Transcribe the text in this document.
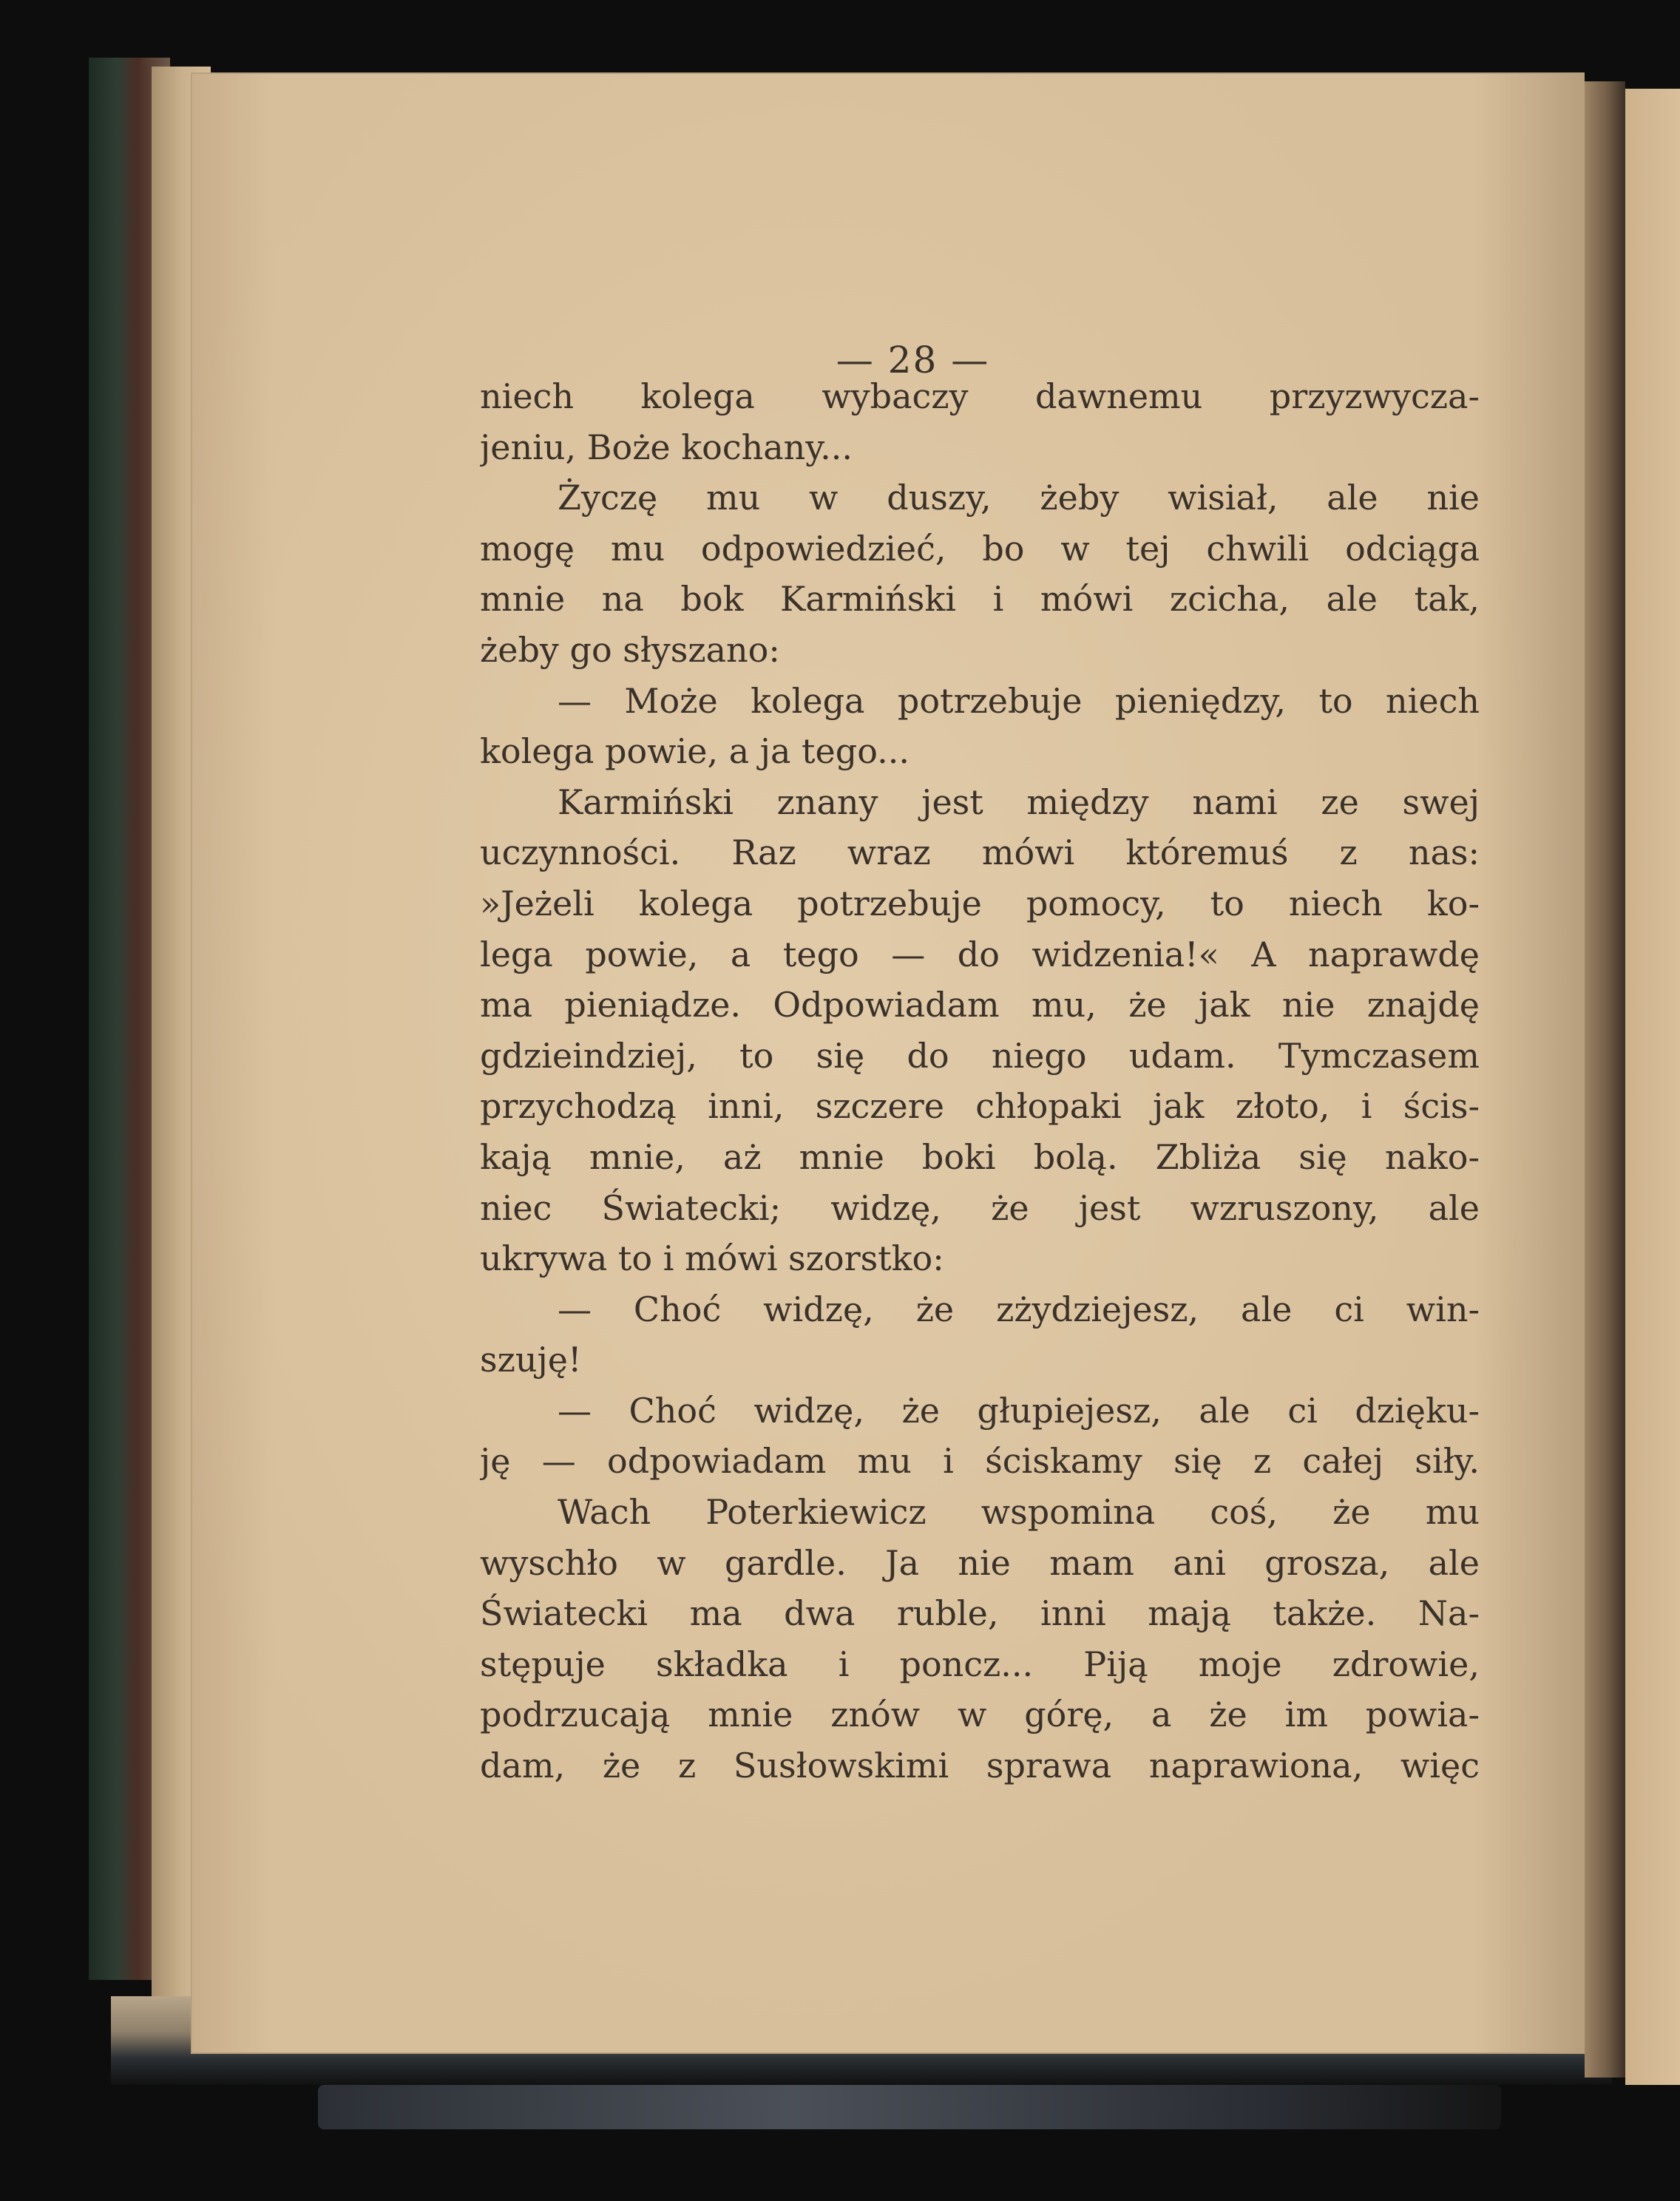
— 28 —
niech kolega wybaczy dawnemu przyzwycza-
jeniu, Boże kochany...
Życzę mu w duszy, żeby wisiał, ale nie
mogę mu odpowiedzieć, bo w tej chwili odciąga
mnie na bok Karmiński i mówi zcicha, ale tak,
żeby go słyszano:
— Może kolega potrzebuje pieniędzy, to niech
kolega powie, a ja tego...
Karmiński znany jest między nami ze swej
uczynności. Raz wraz mówi któremuś z nas:
»Jeżeli kolega potrzebuje pomocy, to niech ko-
lega powie, a tego — do widzenia!« A naprawdę
ma pieniądze. Odpowiadam mu, że jak nie znajdę
gdzieindziej, to się do niego udam. Tymczasem
przychodzą inni, szczere chłopaki jak złoto, i ścis-
kają mnie, aż mnie boki bolą. Zbliża się nako-
niec Światecki; widzę, że jest wzruszony, ale
ukrywa to i mówi szorstko:
— Choć widzę, że zżydziejesz, ale ci win-
szuję!
— Choć widzę, że głupiejesz, ale ci dzięku-
ję — odpowiadam mu i ściskamy się z całej siły.
Wach Poterkiewicz wspomina coś, że mu
wyschło w gardle. Ja nie mam ani grosza, ale
Światecki ma dwa ruble, inni mają także. Na-
stępuje składka i poncz... Piją moje zdrowie,
podrzucają mnie znów w górę, a że im powia-
dam, że z Susłowskimi sprawa naprawiona, więc
